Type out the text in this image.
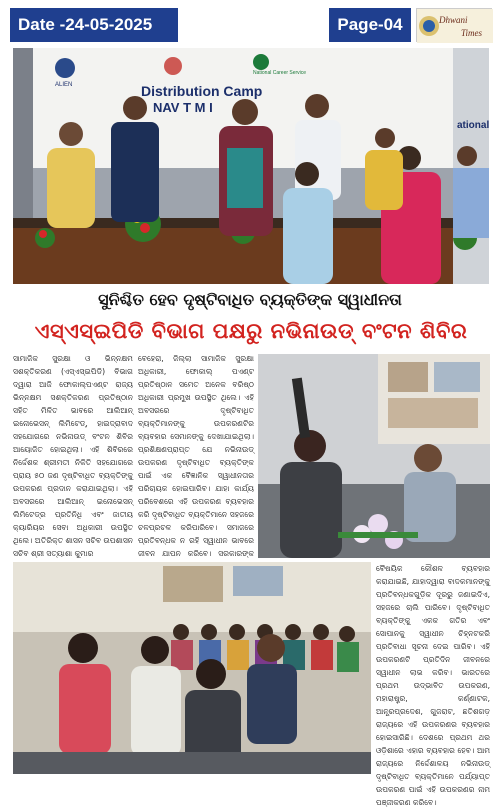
Date -24-05-2025	Page-04	Dhwani
Times
ALIEN	Distribution Camp
NAV T M I
National Career Service
ational
ସୁନିଶ୍ଚିତ ହେବ ଦୃଷ୍ଟିବାଧିତ ବ୍ୟକ୍ତିଙ୍କ ସ୍ୱାଧୀନତା
ଏସ୍ଏସ୍ଇପିଡି ବିଭାଗ ପକ୍ଷରୁ ନଭିନାଉଡ୍ ବଂଟନ ଶିବିର

ସାମାଜିକ ସୁରକ୍ଷା ଓ ଭିନ୍ନକ୍ଷମ ସଶକ୍ତିକରଣ (ଏସ୍ଏସ୍ଇପିଡି) ବିଭାଗ ଦ୍ୱାରା ଆଜି ଫୋକାଲ୍ପଏଣ୍ଟ ରାଜ୍ୟ ଭିନ୍ନକ୍ଷମ ସଶକ୍ତିକରଣ ପ୍ରତିଷ୍ଠାନ ସହିତ ମିଳିତ ଭାବରେ ଆଲିଆନ୍ ଇନୋଭେସନ୍ ଲିମିଟେଡ୍, ହାଇଦ୍ରାବାଦ ସହଯୋଗରେ ନଭିନାଉଡ୍ ବଂଟନ ଶିବିର ଆୟୋଜିତ ହୋଇଥିଲା। ଏହି ଶିବିରରେ ନିର୍ଦ୍ଦେଶକ ଶ୍ରୀମତୀ ନିକିତି ସହଯୋଗରେ ପ୍ରାୟ ୫୦ ଜଣ ଦୃଷ୍ଟିବାଧିତ ବ୍ୟକ୍ତିଙ୍କୁ ଉପକରଣ ପ୍ରଦାନ କରାଯାଇଥିଲା। ଏହି ଅବସରରେ ଆଲିଆନ୍ ଇନୋଭେସନ୍ ଲିମିଟେଡ୍ର ପ୍ରତିନିଧି ଏବଂ ଜାତୀୟ କ୍ୟାରିୟର ସେବା ଅଧିକାରୀ ଉପସ୍ଥିତ ଥିଲେ। ଅତିରିକ୍ତ ଶାସନ ସଚିବ ଉପଶାସନ ସଚିବ ଶ୍ରୀ ସତ୍ୟାଶା କୁମାର

ବେହେରା, ଜିଲ୍ଲା ସାମାଜିକ ସୁରକ୍ଷା ଅଧିକାରୀ, ଫୋକାଲ୍ ପଏଣ୍ଟ ପ୍ରତିଷ୍ଠାନ ସମେତ ଅନେକ ବରିଷ୍ଠ ଅଧିକାରୀ ପ୍ରମୁଖ ଉପସ୍ଥିତ ଥିଲେ। ଏହି ଅବସରରେ ଦୃଷ୍ଟିବାଧିତ ବ୍ୟକ୍ତିମାନଙ୍କୁ ଉପକରଣଟିର ବ୍ୟବହାର ସେମାନଙ୍କୁ ଦେଖାଯାଇଥିଲା। ପ୍ରଶିକ୍ଷଣପ୍ରାପ୍ତ ଯେ ନଭିନାଉଡ୍ ଉପକରଣ ଦୃଷ୍ଟିବାଧିତ ବ୍ୟକ୍ତିଙ୍କ ପାଇଁ ଏକ ବୈଜ୍ଞାନିକ ସ୍ୱାଧୀନତାର ପରିଚାୟକ ହୋଇପାରିବ। ଯାହା କାର୍ଯ୍ୟ ପରିବେଶରେ ଏହି ଉପକରଣ ବ୍ୟବହାର କରି ଦୃଷ୍ଟିବାଧିତ ବ୍ୟକ୍ତିମାନେ ସହଜରେ ଚଳପ୍ରଚଳ କରିପାରିବେ। ସମାଜରେ ପ୍ରତିବନ୍ଧକ ନ ରହି ସ୍ୱାଧୀନ ଭାବରେ ଜୀବନ ଯାପନ କରିବେ। ସରକାରଙ୍କ

ବୈଷୟିକ କୌଶଳ ବ୍ୟବହାର କରାଯାଇଛି, ଯାହାଦ୍ୱାରା ବାଦକମାନଙ୍କୁ ପ୍ରତିବନ୍ଧକଗୁଡ଼ିକ ଦୂରରୁ ଜଣାଇଦିଏ, ସହଜରେ ଚାଲି ପାରିବେ। ଦୃଷ୍ଟିବାଧିତ ବ୍ୟକ୍ତିଙ୍କୁ ଏକକ ଗତିର ଏବଂ ସୋପାନକୁ ସ୍ୱାଧୀନ ଚିହ୍ନଟକରି ପ୍ରତିବାଧା ସୂଚନା ଦେଇ ପାରିବ। ଏହି ଉପକରଣଟି ପ୍ରତିଦିନ ଜୀବନରେ ସ୍ୱାଧୀନ ଲାଭ କରିବ। ଭାରତରେ ପ୍ରଥମ ଉଦ୍ଭାବିତ ଉପକରଣ, ମହାରାଷ୍ଟ୍ର, କର୍ଣ୍ଣାଟକ, ଆନ୍ଧ୍ରପ୍ରଦେଶ, ଗୁଜରାଟ, ଛତିଶଗଡ଼ ରାଜ୍ୟରେ ଏହି ଉପକରଣର ବ୍ୟବହାର ହୋଇସାରିଛି। ଦେଶରେ ପ୍ରଥମ ଥର ଓଡ଼ିଶାରେ ଏହାର ବ୍ୟବହାର ହେବ। ଆମ ରାଜ୍ୟରେ ନିର୍ଦ୍ଦେଶାଳୟ ନଭିନାଉଡ୍ ଦୃଷ୍ଟିବାଧିତ ବ୍ୟକ୍ତିମାନେ ପର୍ଯ୍ୟାପ୍ତ ଉପକରଣ ପାଇଁ ଏହି ଉପକରଣର ନାମ ପଞ୍ଜୀକରଣ କରିବେ।
